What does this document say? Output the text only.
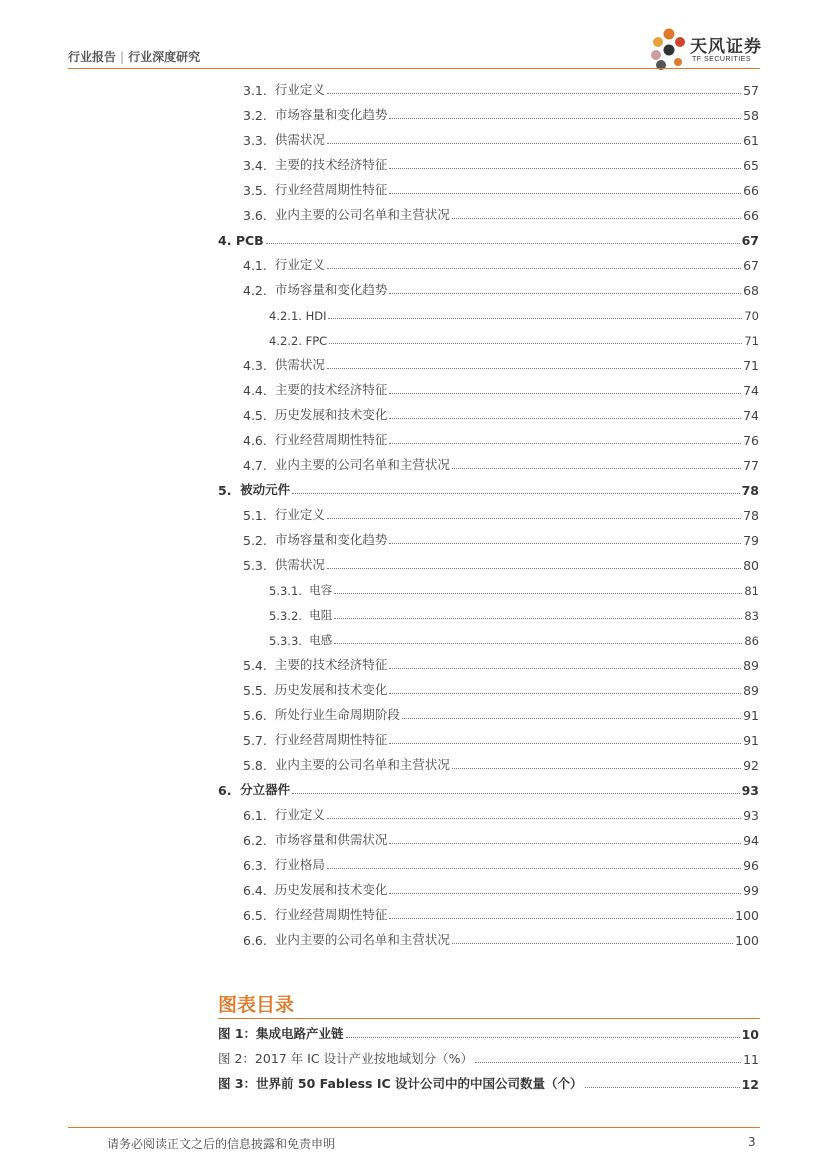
行业报告 | 行业深度研究	天风证券
TF SECURITIES
3.1. 行业定义	57
3.2. 市场容量和变化趋势	58
3.3. 供需状况	61
3.4. 主要的技术经济特征	65
3.5. 行业经营周期性特征	66
3.6. 业内主要的公司名单和主营状况	66
4. PCB	67
4.1. 行业定义	67
4.2. 市场容量和变化趋势	68
4.2.1. HDI	70
4.2.2. FPC	71
4.3. 供需状况	71
4.4. 主要的技术经济特征	74
4.5. 历史发展和技术变化	74
4.6. 行业经营周期性特征	76
4.7. 业内主要的公司名单和主营状况	77
5. 被动元件	78
5.1. 行业定义	78
5.2. 市场容量和变化趋势	79
5.3. 供需状况	80
5.3.1. 电容	81
5.3.2. 电阻	83
5.3.3. 电感	86
5.4. 主要的技术经济特征	89
5.5. 历史发展和技术变化	89
5.6. 所处行业生命周期阶段	91
5.7. 行业经营周期性特征	91
5.8. 业内主要的公司名单和主营状况	92
6. 分立器件	93
6.1. 行业定义	93
6.2. 市场容量和供需状况	94
6.3. 行业格局	96
6.4. 历史发展和技术变化	99
6.5. 行业经营周期性特征	100
6.6. 业内主要的公司名单和主营状况	100
图表目录
图 1：集成电路产业链	10
图 2：2017 年 IC 设计产业按地域划分（%）	11
图 3：世界前 50 Fabless IC 设计公司中的中国公司数量（个）	12
请务必阅读正文之后的信息披露和免责申明	3
